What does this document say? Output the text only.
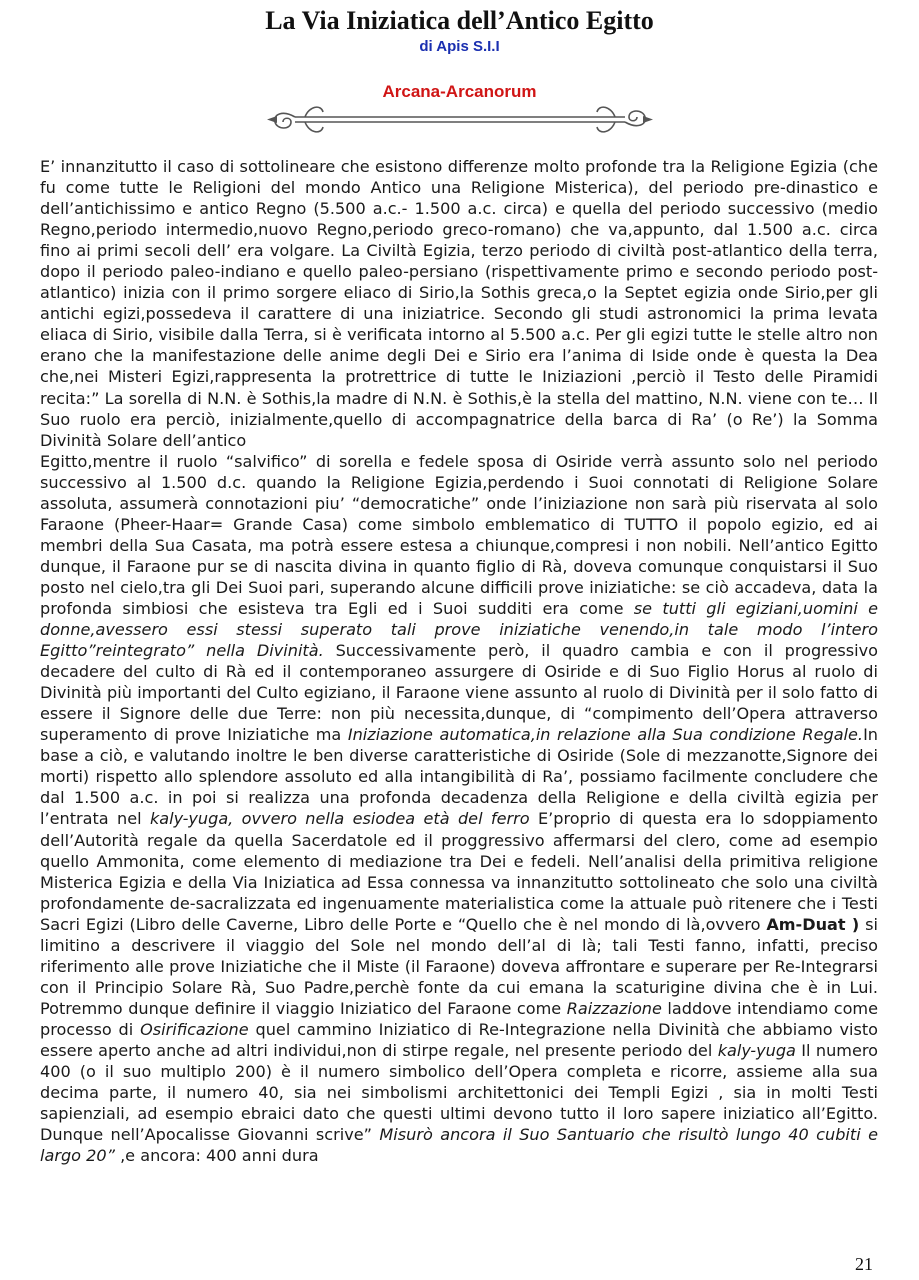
La Via Iniziatica dell’Antico Egitto
di Apis S.I.I
Arcana-Arcanorum

E’ innanzitutto il caso di sottolineare che esistono differenze molto profonde tra la Religione Egizia (che fu come tutte le Religioni del mondo Antico una Religione Misterica), del periodo pre-dinastico e dell’antichissimo e antico Regno (5.500 a.c.- 1.500 a.c. circa) e quella del periodo successivo (medio Regno,periodo intermedio,nuovo Regno,periodo greco-romano) che va,appunto, dal 1.500 a.c. circa fino ai primi secoli dell’ era volgare. La Civiltà Egizia, terzo periodo di civiltà post-atlantico della terra, dopo il periodo paleo-indiano e quello paleo-persiano (rispettivamente primo e secondo periodo post-atlantico) inizia con il primo sorgere eliaco di Sirio,la Sothis greca,o la Septet egizia onde Sirio,per gli antichi egizi,possedeva il carattere di una iniziatrice. Secondo gli studi astronomici la prima levata eliaca di Sirio, visibile dalla Terra, si è verificata intorno al 5.500 a.c. Per gli egizi tutte le stelle altro non erano che la manifestazione delle anime degli Dei e Sirio era l’anima di Iside onde è questa la Dea che,nei Misteri Egizi,rappresenta la protrettrice di tutte le Iniziazioni ,perciò il Testo delle Piramidi recita:” La sorella di N.N. è Sothis,la madre di N.N. è Sothis,è la stella del mattino, N.N. viene con te… Il Suo ruolo era perciò, inizialmente,quello di accompagnatrice della barca di Ra’ (o Re’) la Somma Divinità Solare dell’antico

Egitto,mentre il ruolo “salvifico” di sorella e fedele sposa di Osiride verrà assunto solo nel periodo successivo al 1.500 d.c. quando la Religione Egizia,perdendo i Suoi connotati di Religione Solare assoluta, assumerà connotazioni piu’ “democratiche” onde l’iniziazione non sarà più riservata al solo Faraone (Pheer-Haar= Grande Casa) come simbolo emblematico di TUTTO il popolo egizio, ed ai membri della Sua Casata, ma potrà essere estesa a chiunque,compresi i non nobili. Nell’antico Egitto dunque, il Faraone pur se di nascita divina in quanto figlio di Rà, doveva comunque conquistarsi il Suo posto nel cielo,tra gli Dei Suoi pari, superando alcune difficili prove iniziatiche: se ciò accadeva, data la profonda simbiosi che esisteva tra Egli ed i Suoi sudditi era come se tutti gli egiziani,uomini e donne,avessero essi stessi superato tali prove iniziatiche venendo,in tale modo l’intero Egitto”reintegrato” nella Divinità. Successivamente però, il quadro cambia e con il progressivo decadere del culto di Rà ed il contemporaneo assurgere di Osiride e di Suo Figlio Horus al ruolo di Divinità più importanti del Culto egiziano, il Faraone viene assunto al ruolo di Divinità per il solo fatto di essere il Signore delle due Terre: non più necessita,dunque, di “compimento dell’Opera attraverso superamento di prove Iniziatiche ma Iniziazione automatica,in relazione alla Sua condizione Regale.In base a ciò, e valutando inoltre le ben diverse caratteristiche di Osiride (Sole di mezzanotte,Signore dei morti) rispetto allo splendore assoluto ed alla intangibilità di Ra’, possiamo facilmente concludere che dal 1.500 a.c. in poi si realizza una profonda decadenza della Religione e della civiltà egizia per l’entrata nel kaly-yuga, ovvero nella esiodea età del ferro E’proprio di questa era lo sdoppiamento dell’Autorità regale da quella Sacerdatole ed il proggressivo affermarsi del clero, come ad esempio quello Ammonita, come elemento di mediazione tra Dei e fedeli. Nell’analisi della primitiva religione Misterica Egizia e della Via Iniziatica ad Essa connessa va innanzitutto sottolineato che solo una civiltà profondamente de-sacralizzata ed ingenuamente materialistica come la attuale può ritenere che i Testi Sacri Egizi (Libro delle Caverne, Libro delle Porte e “Quello che è nel mondo di là,ovvero Am-Duat ) si limitino a descrivere il viaggio del Sole nel mondo dell’al di là; tali Testi fanno, infatti, preciso riferimento alle prove Iniziatiche che il Miste (il Faraone) doveva affrontare e superare per Re-Integrarsi con il Principio Solare Rà, Suo Padre,perchè fonte da cui emana la scaturigine divina che è in Lui. Potremmo dunque definire il viaggio Iniziatico del Faraone come Raizzazione laddove intendiamo come processo di Osirificazione quel cammino Iniziatico di Re-Integrazione nella Divinità che abbiamo visto essere aperto anche ad altri individui,non di stirpe regale, nel presente periodo del kaly-yuga Il numero 400 (o il suo multiplo 200) è il numero simbolico dell’Opera completa e ricorre, assieme alla sua decima parte, il numero 40, sia nei simbolismi architettonici dei Templi Egizi , sia in molti Testi sapienziali, ad esempio ebraici dato che questi ultimi devono tutto il loro sapere iniziatico all’Egitto. Dunque nell’Apocalisse Giovanni scrive” Misurò ancora il Suo Santuario che risultò lungo 40 cubiti e largo 20” ,e ancora: 400 anni dura

21
